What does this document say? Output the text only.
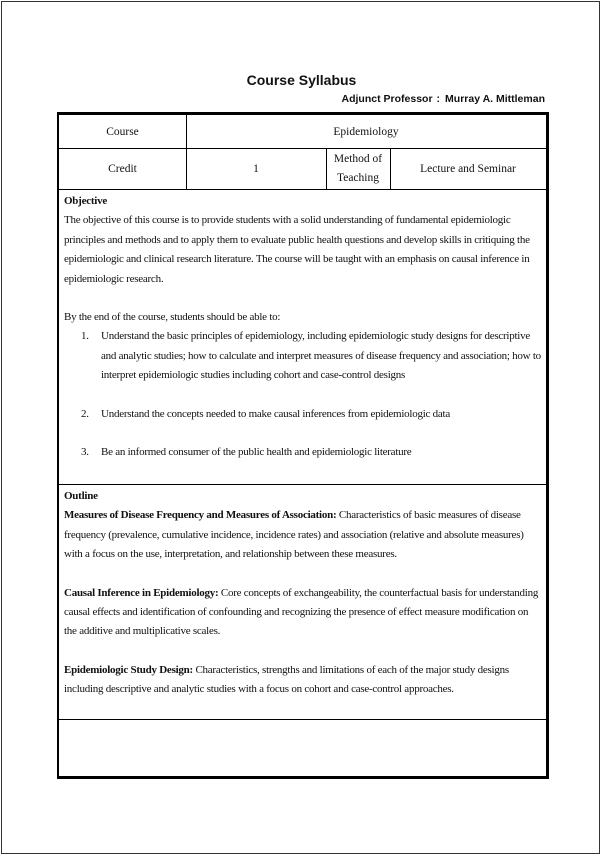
Course Syllabus
Adjunct Professor : Murray A. Mittleman
Course	Epidemiology
Credit	1
Method of
Teaching
Lecture and Seminar
Objective
The objective of this course is to provide students with a solid understanding of fundamental epidemiologic principles and methods and to apply them to evaluate public health questions and develop skills in critiquing the epidemiologic and clinical research literature. The course will be taught with an emphasis on causal inference in epidemiologic research.
By the end of the course, students should be able to:
1. Understand the basic principles of epidemiology, including epidemiologic study designs for descriptive and analytic studies; how to calculate and interpret measures of disease frequency and association; how to interpret epidemiologic studies including cohort and case-control designs
2. Understand the concepts needed to make causal inferences from epidemiologic data
3. Be an informed consumer of the public health and epidemiologic literature
Outline
Measures of Disease Frequency and Measures of Association: Characteristics of basic measures of disease frequency (prevalence, cumulative incidence, incidence rates) and association (relative and absolute measures) with a focus on the use, interpretation, and relationship between these measures.
Causal Inference in Epidemiology: Core concepts of exchangeability, the counterfactual basis for understanding causal effects and identification of confounding and recognizing the presence of effect measure modification on the additive and multiplicative scales.
Epidemiologic Study Design: Characteristics, strengths and limitations of each of the major study designs including descriptive and analytic studies with a focus on cohort and case-control approaches.
